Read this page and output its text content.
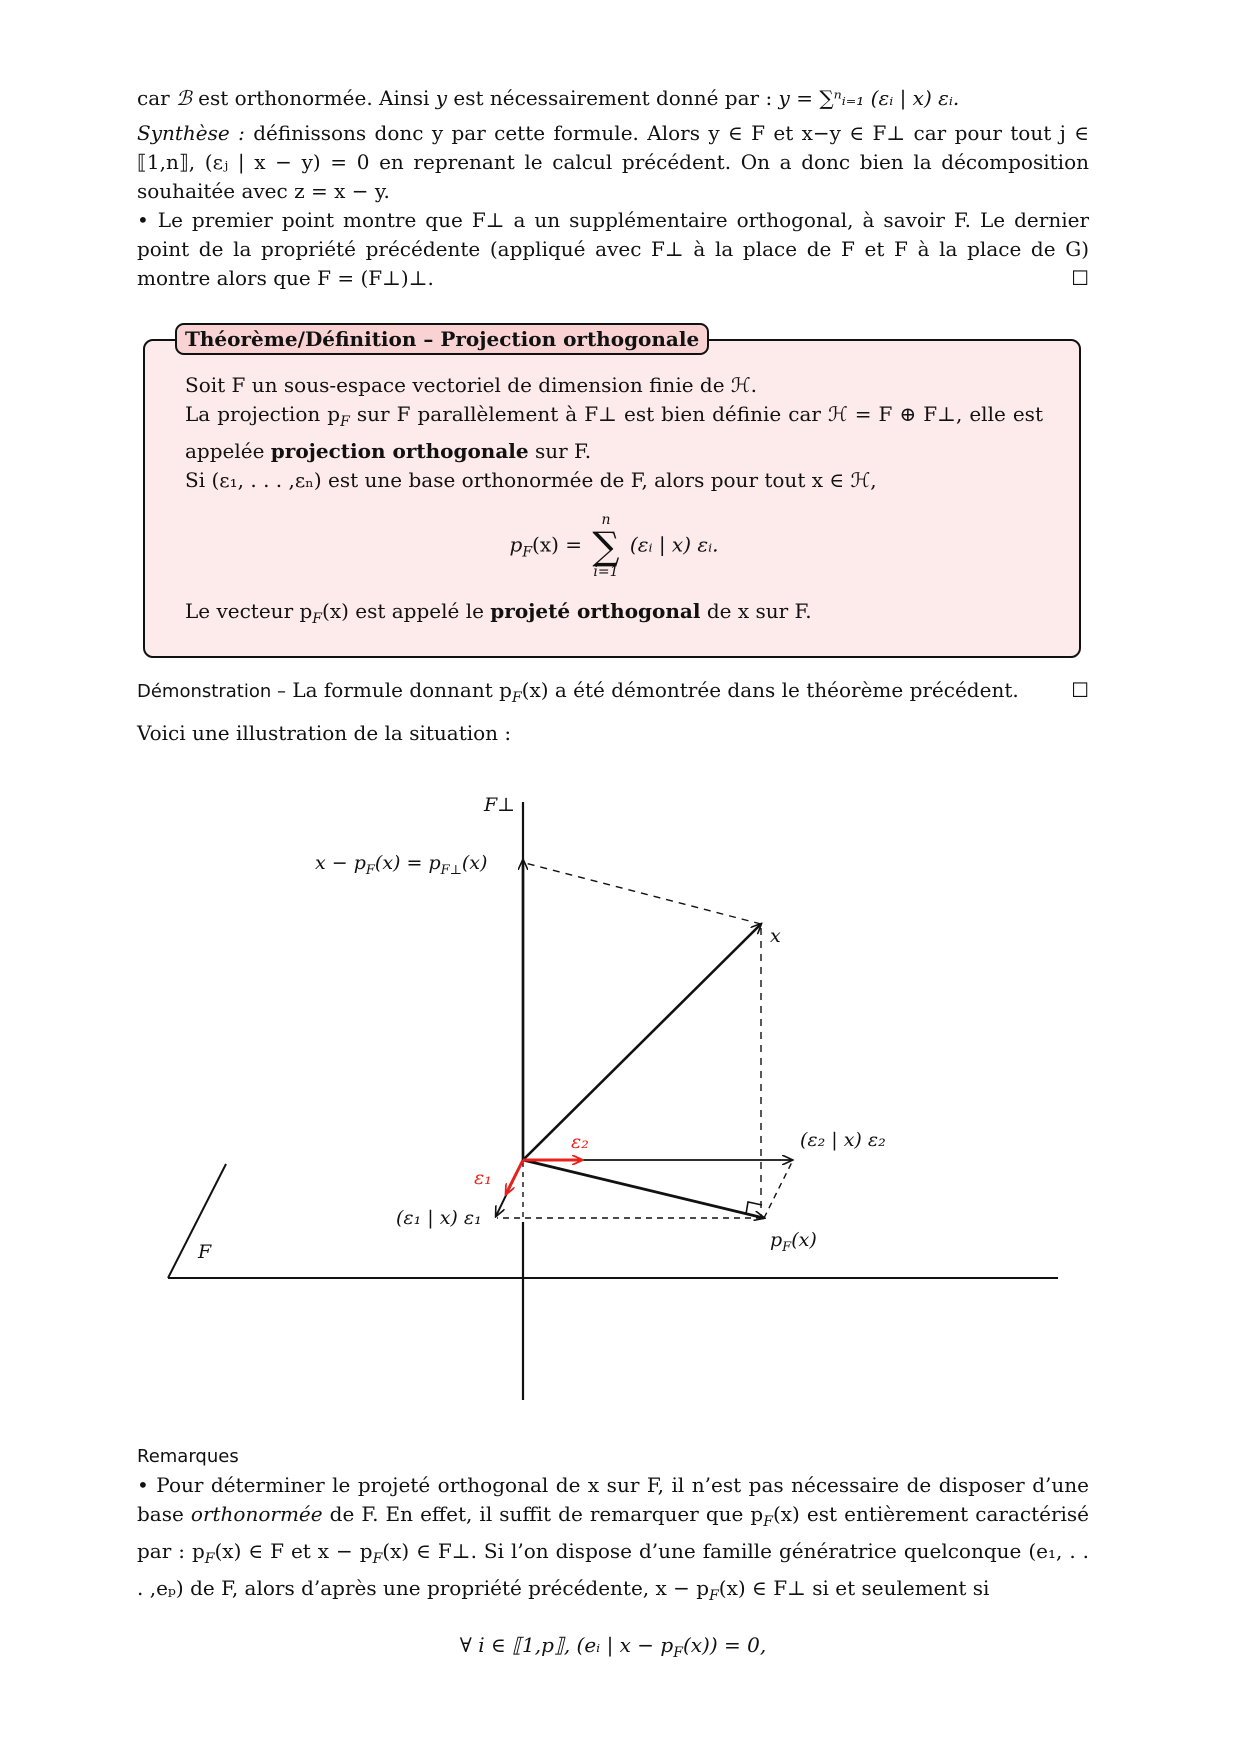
car ℬ est orthonormée. Ainsi y est nécessairement donné par : y = ∑ⁿᵢ₌₁ (εᵢ | x) εᵢ.

Synthèse : définissons donc y par cette formule. Alors y ∈ F et x−y ∈ F⊥ car pour tout j ∈ ⟦1,n⟧, (εⱼ | x − y) = 0 en reprenant le calcul précédent. On a donc bien la décomposition souhaitée avec z = x − y.

• Le premier point montre que F⊥ a un supplémentaire orthogonal, à savoir F. Le dernier point de la propriété précédente (appliqué avec F⊥ à la place de F et F à la place de G) montre alors que F = (F⊥)⊥.	☐

Théorème/Définition – Projection orthogonale

Soit F un sous-espace vectoriel de dimension finie de ℋ.

La projection $p_F$ sur F parallèlement à F⊥ est bien définie car ℋ = F ⊕ F⊥, elle est appelée projection orthogonale sur F.

Si (ε₁, . . . ,εₙ) est une base orthonormée de F, alors pour tout x ∈ ℋ,

$p_F(x)$ =
n
∑
i=1
(εᵢ | x) εᵢ.

Le vecteur $p_F(x)$ est appelé le projeté orthogonal de x sur F.

Démonstration – La formule donnant $p_F(x)$ a été démontrée dans le théorème précédent.	☐

Voici une illustration de la situation :

F⊥
$x - p_F(x) = p_{F\perp}(x)$
x
ε₂
ε₁
(ε₂ | x) ε₂
(ε₁ | x) ε₁
$p_F(x)$
F

Remarques

• Pour déterminer le projeté orthogonal de x sur F, il n’est pas nécessaire de disposer d’une base orthonormée de F. En effet, il suffit de remarquer que $p_F(x)$ est entièrement caractérisé par : $p_F(x)$ ∈ F et $x - p_F(x)$ ∈ F⊥. Si l’on dispose d’une famille génératrice quelconque (e₁, . . . ,eₚ) de F, alors d’après une propriété précédente, $x - p_F(x)$ ∈ F⊥ si et seulement si

∀ i ∈ ⟦1,p⟧, (eᵢ | $x - p_F(x)) = 0$,
